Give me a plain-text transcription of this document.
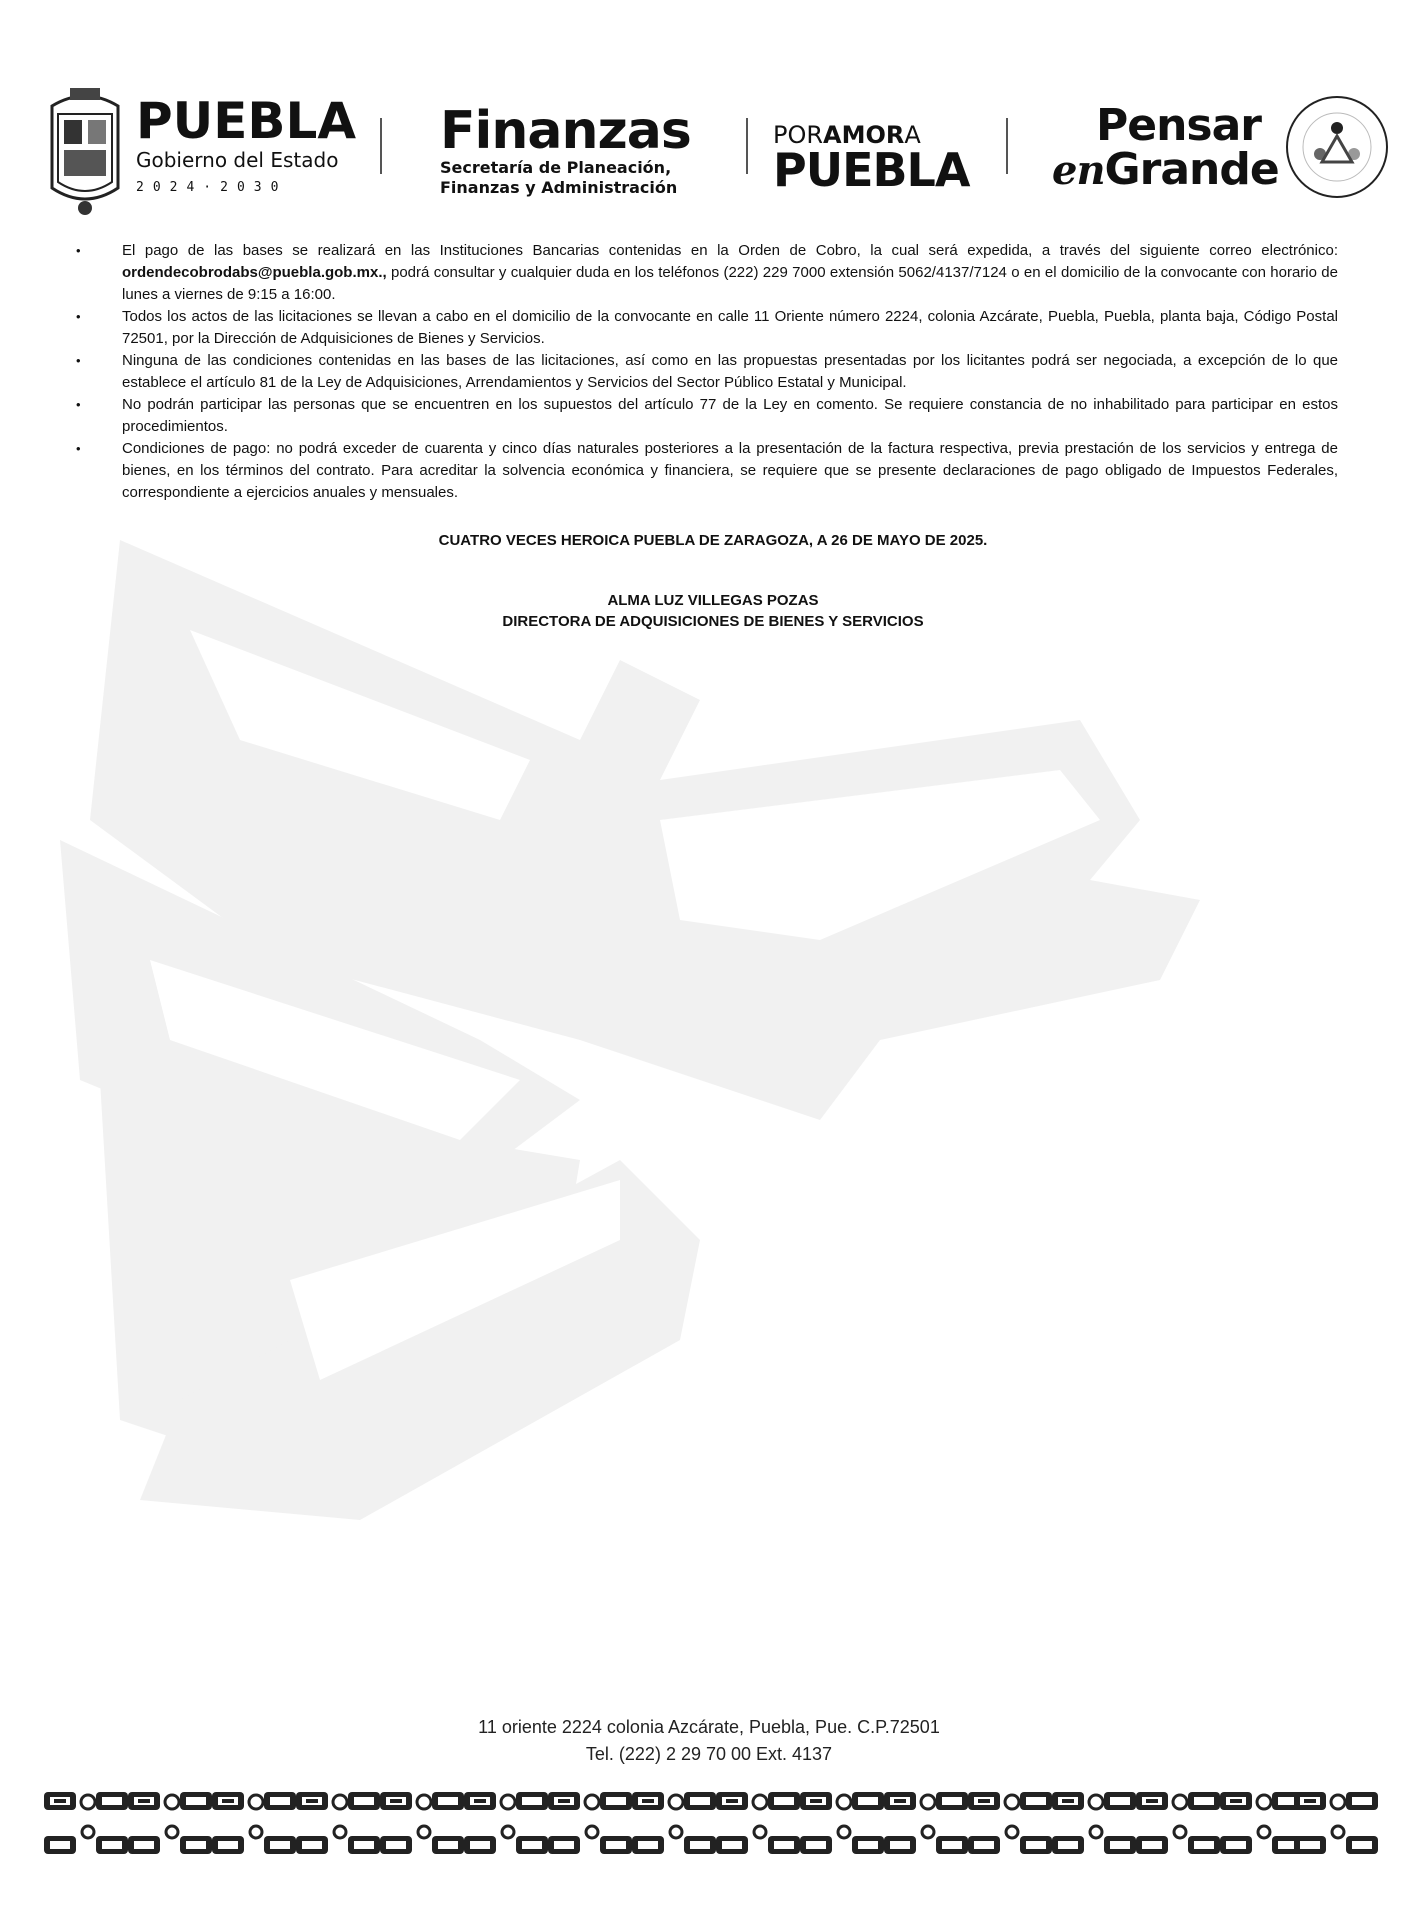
PUEBLA
Gobierno del Estado
2024·2030
Finanzas
Secretaría de Planeación,
Finanzas y Administración
PORAMORA
PUEBLA
Pensar
enGrande
•	El pago de las bases se realizará en las Instituciones Bancarias contenidas en la Orden de Cobro, la cual será expedida, a través del siguiente correo electrónico: ordendecobrodabs@puebla.gob.mx., podrá consultar y cualquier duda en los teléfonos (222) 229 7000 extensión 5062/4137/7124 o en el domicilio de la convocante con horario de lunes a viernes de 9:15 a 16:00.
•	Todos los actos de las licitaciones se llevan a cabo en el domicilio de la convocante en calle 11 Oriente número 2224, colonia Azcárate, Puebla, Puebla, planta baja, Código Postal 72501, por la Dirección de Adquisiciones de Bienes y Servicios.
•	Ninguna de las condiciones contenidas en las bases de las licitaciones, así como en las propuestas presentadas por los licitantes podrá ser negociada, a excepción de lo que establece el artículo 81 de la Ley de Adquisiciones, Arrendamientos y Servicios del Sector Público Estatal y Municipal.
•	No podrán participar las personas que se encuentren en los supuestos del artículo 77 de la Ley en comento. Se requiere constancia de no inhabilitado para participar en estos procedimientos.
•	Condiciones de pago: no podrá exceder de cuarenta y cinco días naturales posteriores a la presentación de la factura respectiva, previa prestación de los servicios y entrega de bienes, en los términos del contrato. Para acreditar la solvencia económica y financiera, se requiere que se presente declaraciones de pago obligado de Impuestos Federales, correspondiente a ejercicios anuales y mensuales.
CUATRO VECES HEROICA PUEBLA DE ZARAGOZA, A 26 DE MAYO DE 2025.
ALMA LUZ VILLEGAS POZAS
DIRECTORA DE ADQUISICIONES DE BIENES Y SERVICIOS
11 oriente 2224 colonia Azcárate, Puebla, Pue. C.P.72501
Tel. (222) 2 29 70 00 Ext. 4137
